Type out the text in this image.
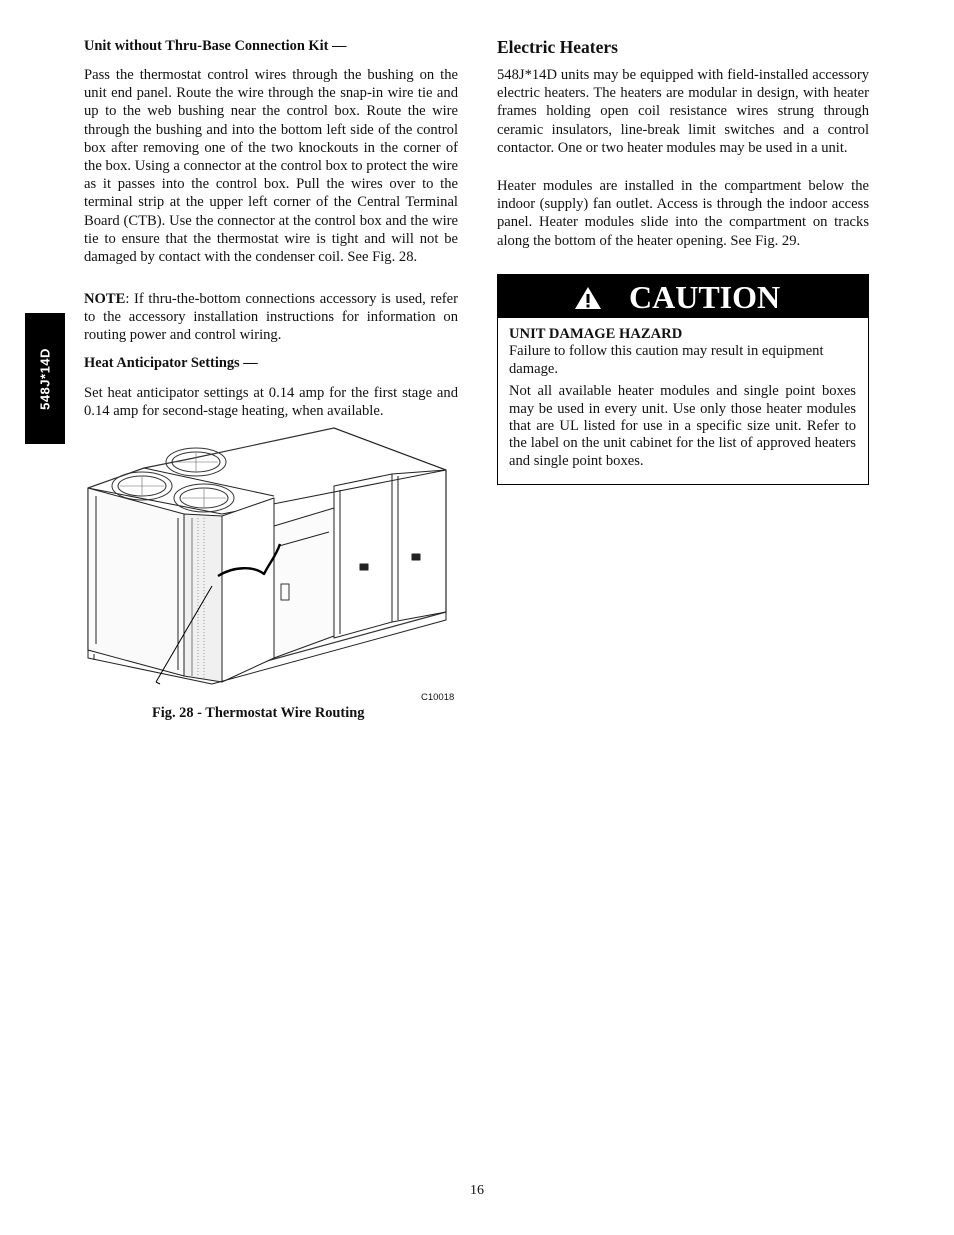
548J*14D
Unit without Thru-Base Connection Kit —

Pass the thermostat control wires through the bushing on the unit end panel. Route the wire through the snap-in wire tie and up to the web bushing near the control box. Route the wire through the bushing and into the bottom left side of the control box after removing one of the two knockouts in the corner of the box. Using a connector at the control box to protect the wire as it passes into the control box. Pull the wires over to the terminal strip at the upper left corner of the Central Terminal Board (CTB). Use the connector at the control box and the wire tie to ensure that the thermostat wire is tight and will not be damaged by contact with the condenser coil. See Fig. 28.

NOTE: If thru-the-bottom connections accessory is used, refer to the accessory installation instructions for information on routing power and control wiring.

Heat Anticipator Settings —

Set heat anticipator settings at 0.14 amp for the first stage and 0.14 amp for second-stage heating, when available.

C10018
Fig. 28 - Thermostat Wire Routing
Electric Heaters

548J*14D units may be equipped with field-installed accessory electric heaters. The heaters are modular in design, with heater frames holding open coil resistance wires strung through ceramic insulators, line-break limit switches and a control contactor. One or two heater modules may be used in a unit.

Heater modules are installed in the compartment below the indoor (supply) fan outlet. Access is through the indoor access panel. Heater modules slide into the compartment on tracks along the bottom of the heater opening. See Fig. 29.

CAUTION

UNIT DAMAGE HAZARD

Failure to follow this caution may result in equipment damage.

Not all available heater modules and single point boxes may be used in every unit. Use only those heater modules that are UL listed for use in a specific size unit. Refer to the label on the unit cabinet for the list of approved heaters and single point boxes.

16
